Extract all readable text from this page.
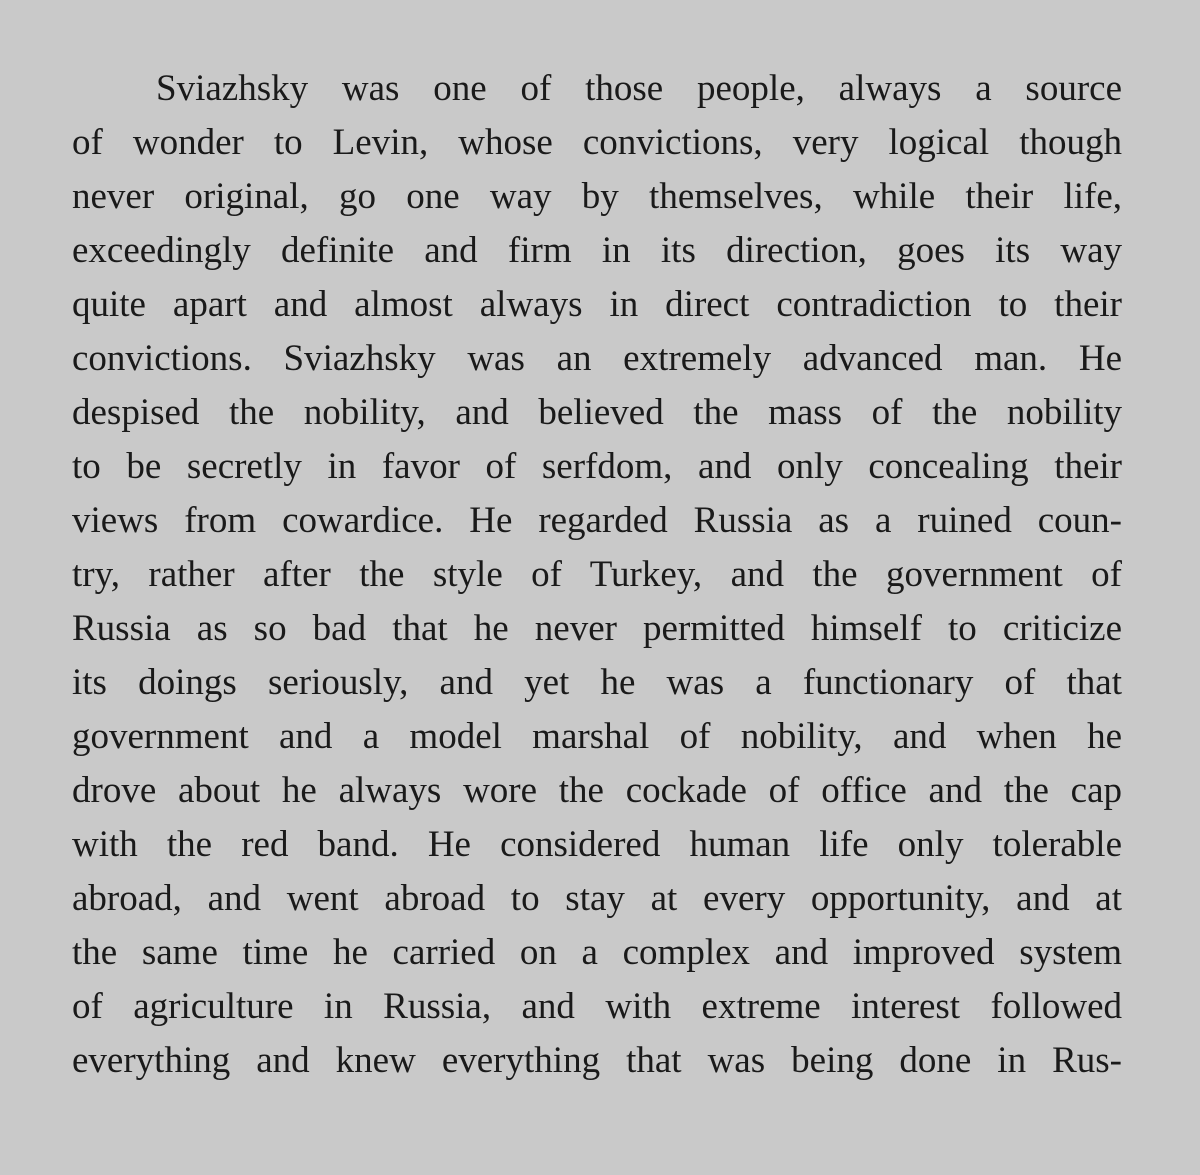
Sviazhsky was one of those people, always a source
of wonder to Levin, whose convictions, very logical though
never original, go one way by themselves, while their life,
exceedingly definite and firm in its direction, goes its way
quite apart and almost always in direct contradiction to their
convictions. Sviazhsky was an extremely advanced man. He
despised the nobility, and believed the mass of the nobility
to be secretly in favor of serfdom, and only concealing their
views from cowardice. He regarded Russia as a ruined coun-
try, rather after the style of Turkey, and the government of
Russia as so bad that he never permitted himself to criticize
its doings seriously, and yet he was a functionary of that
government and a model marshal of nobility, and when he
drove about he always wore the cockade of office and the cap
with the red band. He considered human life only tolerable
abroad, and went abroad to stay at every opportunity, and at
the same time he carried on a complex and improved system
of agriculture in Russia, and with extreme interest followed
everything and knew everything that was being done in Rus-
